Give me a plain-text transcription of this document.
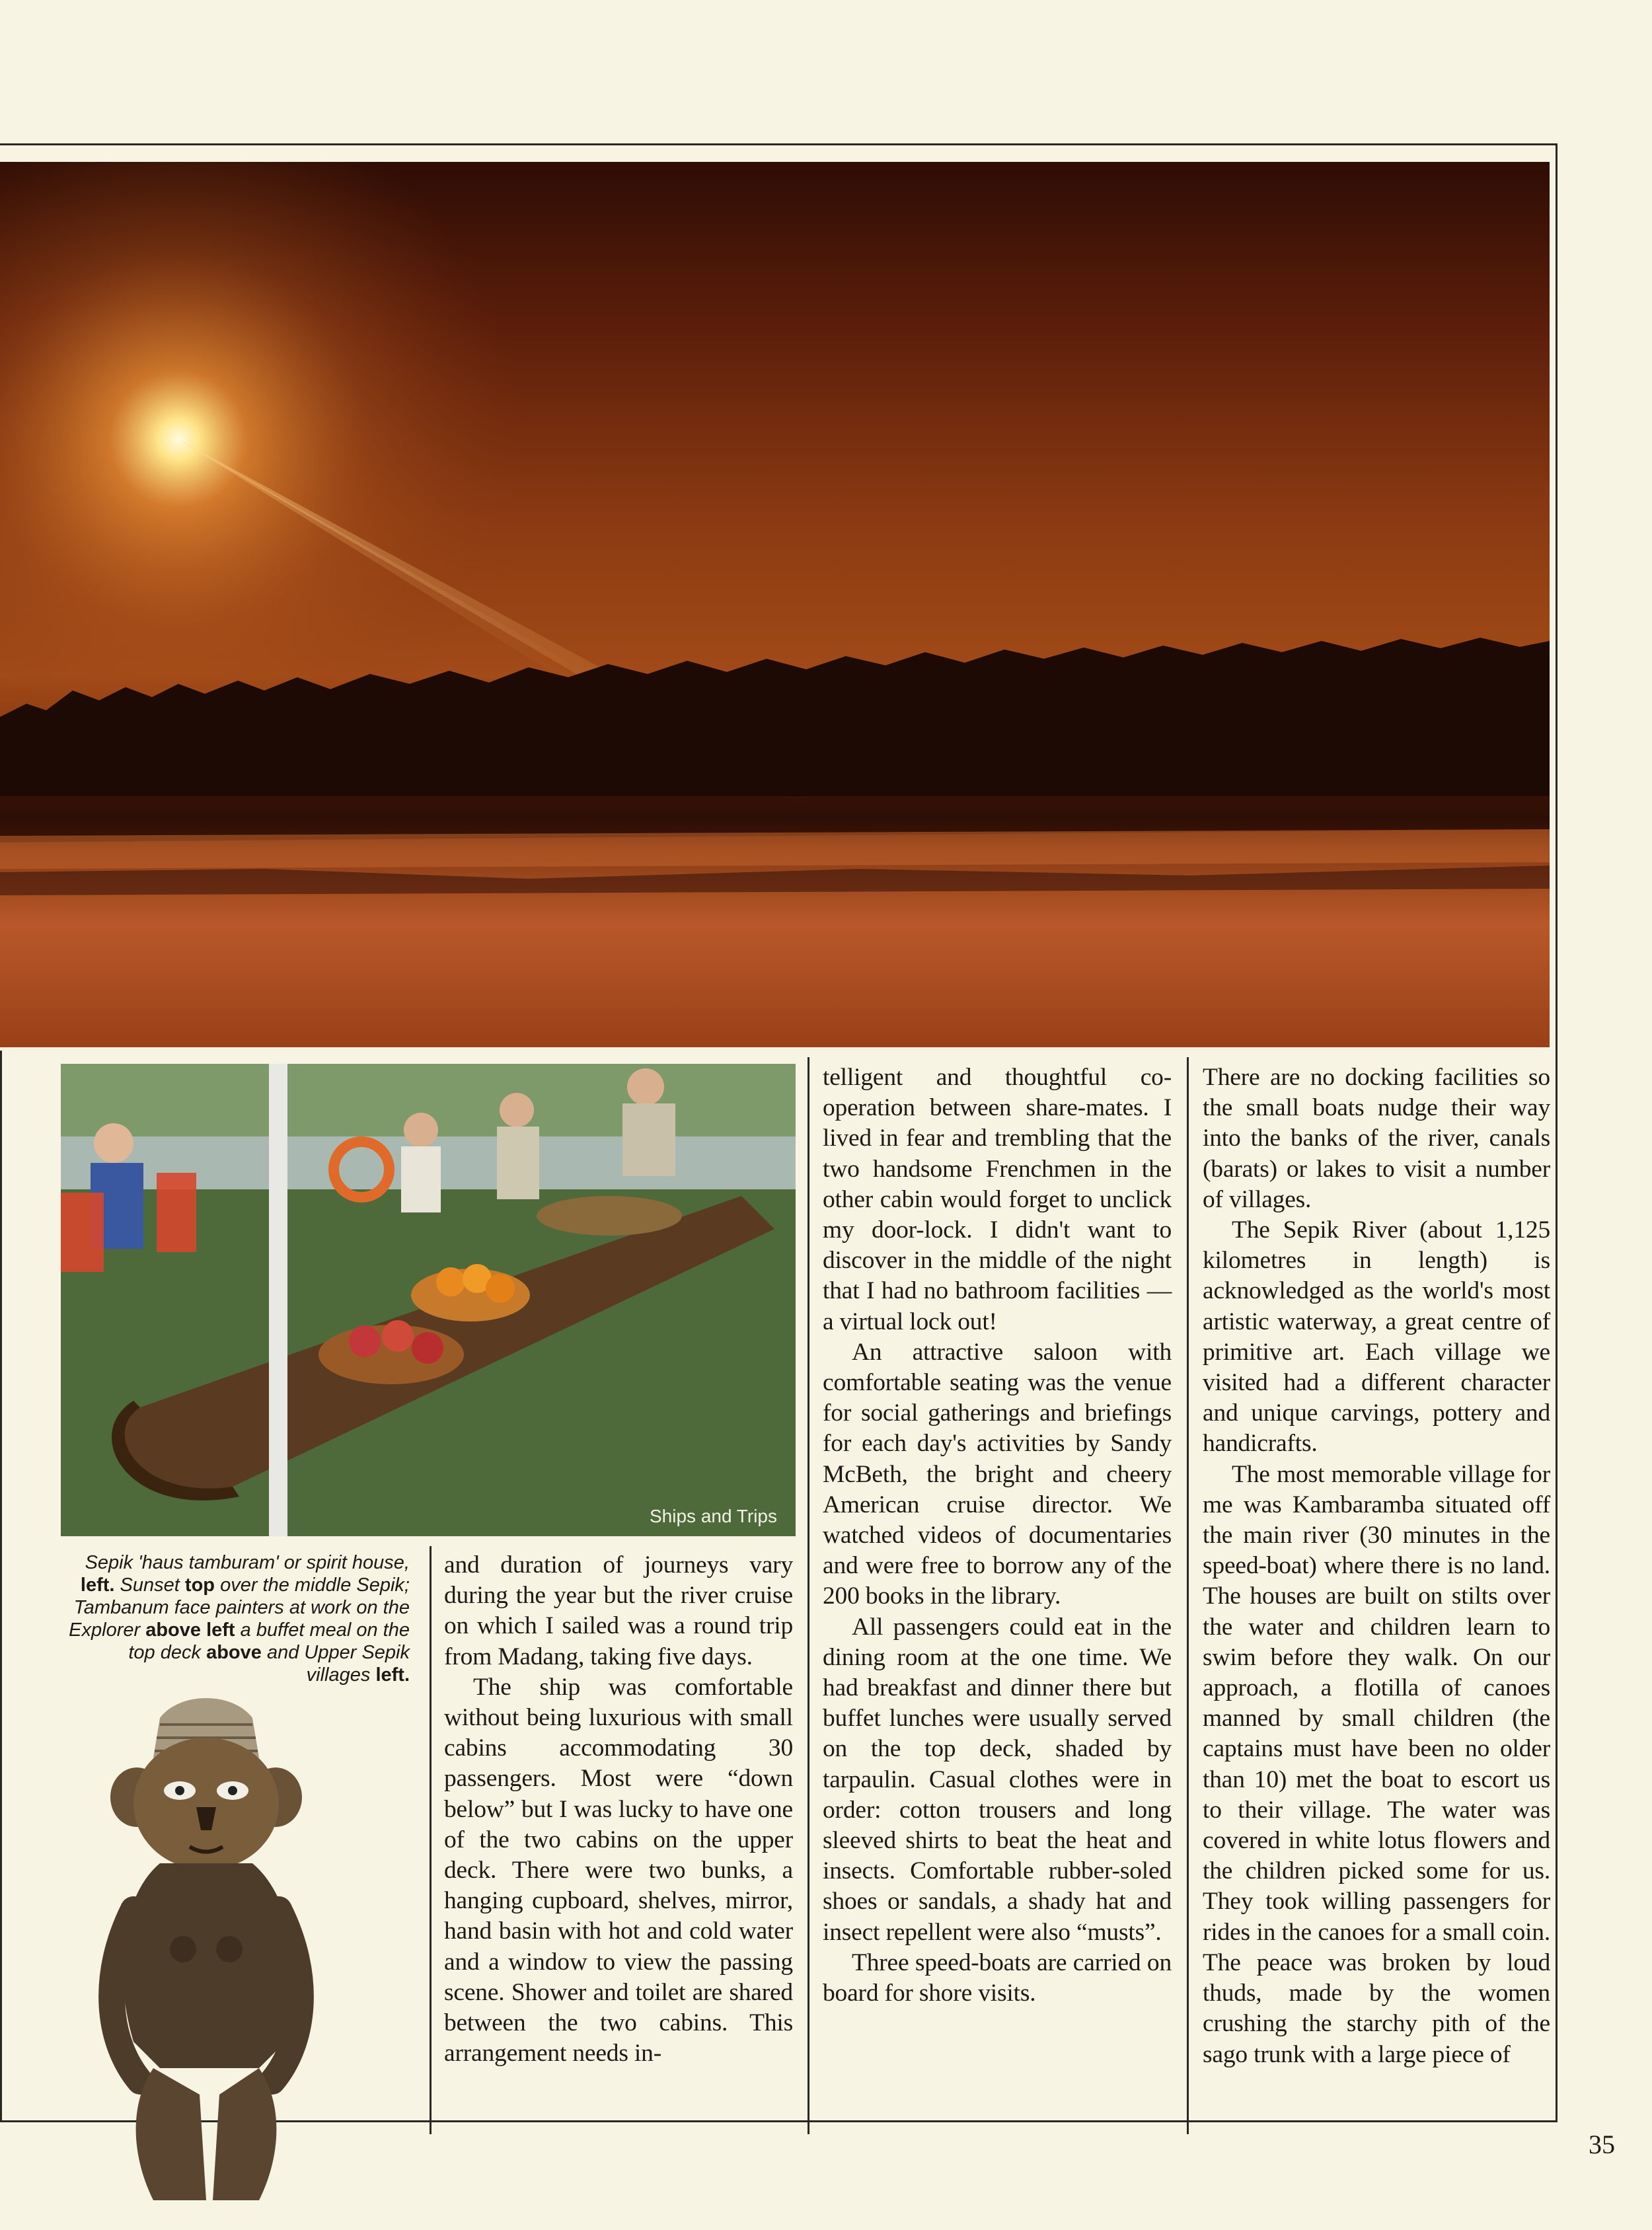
Ships and Trips
Sepik 'haus tamburam' or spirit house, left. Sunset top over the middle Sepik; Tambanum face painters at work on the Explorer above left a buffet meal on the top deck above and Upper Sepik villages left.

and duration of journeys vary during the year but the river cruise on which I sailed was a round trip from Madang, taking five days.

The ship was comfortable without being luxurious with small cabins accommodating 30 passengers. Most were “down below” but I was lucky to have one of the two cabins on the upper deck. There were two bunks, a hanging cupboard, shelves, mirror, hand basin with hot and cold water and a window to view the passing scene. Shower and toilet are shared between the two cabins. This arrangement needs in-

telligent and thoughtful co-operation between share-mates. I lived in fear and trembling that the two handsome Frenchmen in the other cabin would forget to unclick my door-lock. I didn't want to discover in the middle of the night that I had no bathroom facilities — a virtual lock out!

An attractive saloon with comfortable seating was the venue for social gatherings and briefings for each day's activities by Sandy McBeth, the bright and cheery American cruise director. We watched videos of documentaries and were free to borrow any of the 200 books in the library.

All passengers could eat in the dining room at the one time. We had breakfast and dinner there but buffet lunches were usually served on the top deck, shaded by tarpaulin. Casual clothes were in order: cotton trousers and long sleeved shirts to beat the heat and insects. Comfortable rubber-soled shoes or sandals, a shady hat and insect repellent were also “musts”.

Three speed-boats are carried on board for shore visits.

There are no docking facilities so the small boats nudge their way into the banks of the river, canals (barats) or lakes to visit a number of villages.

The Sepik River (about 1,125 kilometres in length) is acknowledged as the world's most artistic waterway, a great centre of primitive art. Each village we visited had a different character and unique carvings, pottery and handicrafts.

The most memorable village for me was Kambaramba situated off the main river (30 minutes in the speed-boat) where there is no land. The houses are built on stilts over the water and children learn to swim before they walk. On our approach, a flotilla of canoes manned by small children (the captains must have been no older than 10) met the boat to escort us to their village. The water was covered in white lotus flowers and the children picked some for us. They took willing passengers for rides in the canoes for a small coin. The peace was broken by loud thuds, made by the women crushing the starchy pith of the sago trunk with a large piece of

35
